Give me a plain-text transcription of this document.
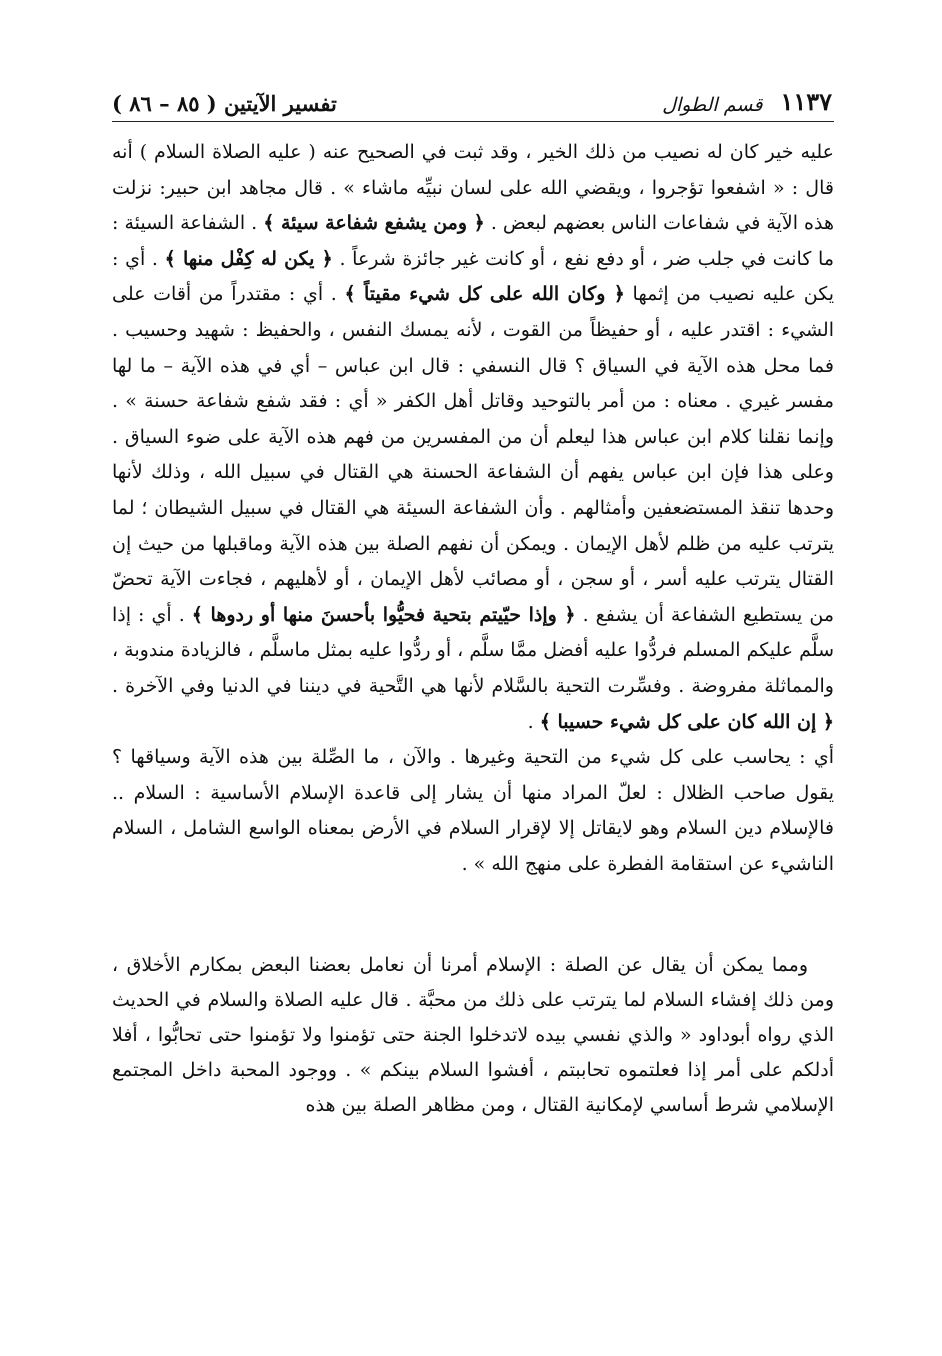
تفسير الآيتين ( ٨٥ – ٨٦ )	قسم الطوال ١١٣٧

عليه خير كان له نصيب من ذلك الخير ، وقد ثبت في الصحيح عنه ( عليه الصلاة السلام ) أنه قال : « اشفعوا تؤجروا ، ويقضي الله على لسان نبيِّه ماشاء » . قال مجاهد ابن حبير: نزلت هذه الآية في شفاعات الناس بعضهم لبعض . ﴿ ومن يشفع شفاعة سيئة ﴾ . الشفاعة السيئة : ما كانت في جلب ضر ، أو دفع نفع ، أو كانت غير جائزة شرعاً . ﴿ يكن له كِفْل منها ﴾ . أي : يكن عليه نصيب من إثمها ﴿ وكان الله على كل شيء مقيتاً ﴾ . أي : مقتدراً من أقات على الشيء : اقتدر عليه ، أو حفيظاً من القوت ، لأنه يمسك النفس ، والحفيظ : شهيد وحسيب . فما محل هذه الآية في السياق ؟ قال النسفي : قال ابن عباس – أي في هذه الآية – ما لها مفسر غيري . معناه : من أمر بالتوحيد وقاتل أهل الكفر « أي : فقد شفع شفاعة حسنة » . وإنما نقلنا كلام ابن عباس هذا ليعلم أن من المفسرين من فهم هذه الآية على ضوء السياق . وعلى هذا فإن ابن عباس يفهم أن الشفاعة الحسنة هي القتال في سبيل الله ، وذلك لأنها وحدها تنقذ المستضعفين وأمثالهم . وأن الشفاعة السيئة هي القتال في سبيل الشيطان ؛ لما يترتب عليه من ظلم لأهل الإيمان . ويمكن أن نفهم الصلة بين هذه الآية وماقبلها من حيث إن القتال يترتب عليه أسر ، أو سجن ، أو مصائب لأهل الإيمان ، أو لأهليهم ، فجاءت الآية تحضّ من يستطيع الشفاعة أن يشفع . ﴿ وإذا حيّيتم بتحية فحيُّوا بأحسنَ منها أو ردوها ﴾ . أي : إذا سلَّم عليكم المسلم فردُّوا عليه أفضل ممَّا سلَّم ، أو ردُّوا عليه بمثل ماسلَّم ، فالزيادة مندوبة ، والمماثلة مفروضة . وفسِّرت التحية بالسَّلام لأنها هي التَّحية في ديننا في الدنيا وفي الآخرة . ﴿ إن الله كان على كل شيء حسيبا ﴾ .

أي : يحاسب على كل شيء من التحية وغيرها . والآن ، ما الصِّلة بين هذه الآية وسياقها ؟ يقول صاحب الظلال : لعلّ المراد منها أن يشار إلى قاعدة الإسلام الأساسية : السلام .. فالإسلام دين السلام وهو لايقاتل إلا لإقرار السلام في الأرض بمعناه الواسع الشامل ، السلام الناشيء عن استقامة الفطرة على منهج الله » .

ومما يمكن أن يقال عن الصلة : الإسلام أمرنا أن نعامل بعضنا البعض بمكارم الأخلاق ، ومن ذلك إفشاء السلام لما يترتب على ذلك من محبَّة . قال عليه الصلاة والسلام في الحديث الذي رواه أبوداود « والذي نفسي بيده لاتدخلوا الجنة حتى تؤمنوا ولا تؤمنوا حتى تحابُّوا ، أفلا أدلكم على أمر إذا فعلتموه تحاببتم ، أفشوا السلام بينكم » . ووجود المحبة داخل المجتمع الإسلامي شرط أساسي لإمكانية القتال ، ومن مظاهر الصلة بين هذه
